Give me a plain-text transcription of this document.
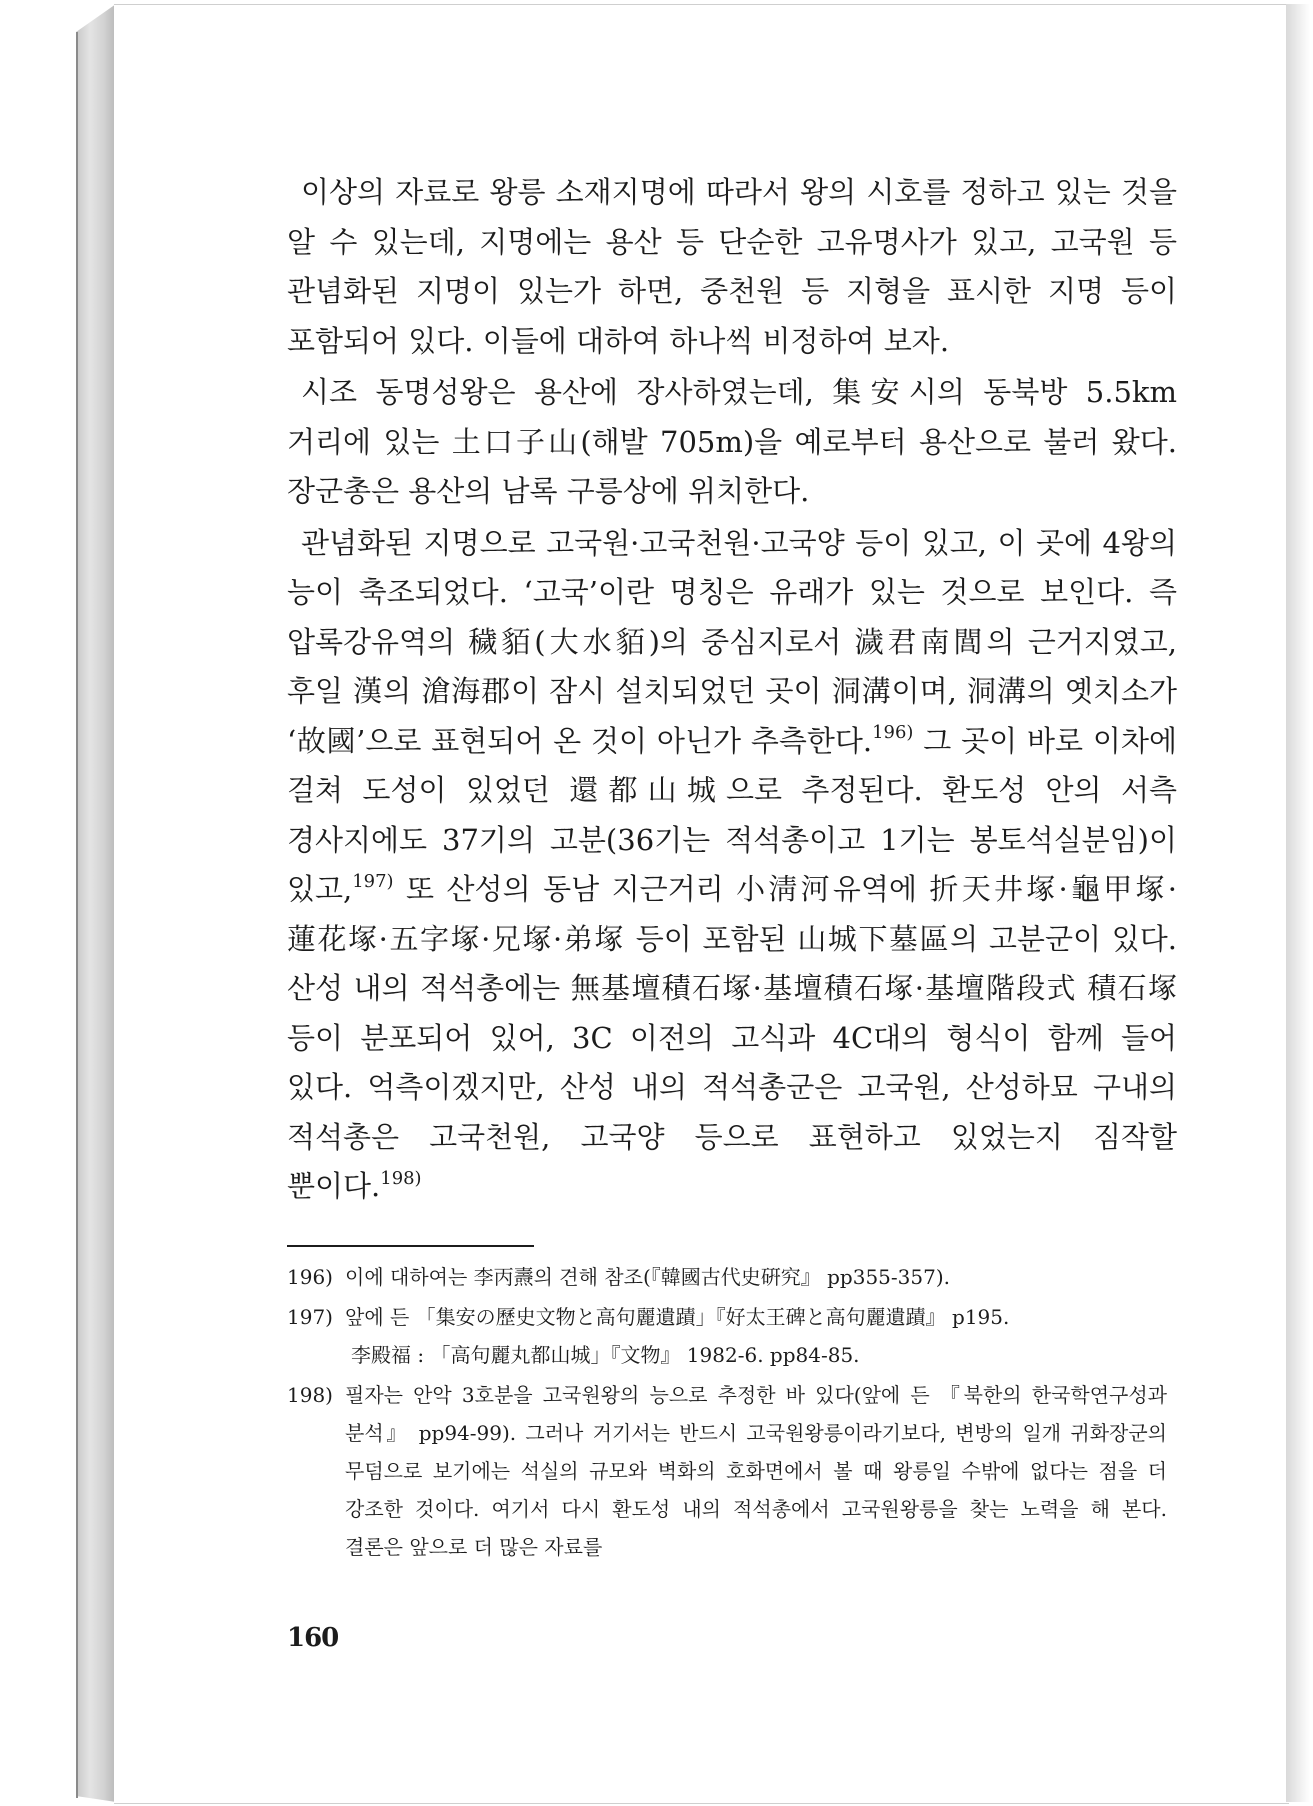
이상의 자료로 왕릉 소재지명에 따라서 왕의 시호를 정하고 있는 것을 알 수 있는데, 지명에는 용산 등 단순한 고유명사가 있고, 고국원 등 관념화된 지명이 있는가 하면, 중천원 등 지형을 표시한 지명 등이 포함되어 있다. 이들에 대하여 하나씩 비정하여 보자.

시조 동명성왕은 용산에 장사하였는데, 集安시의 동북방 5.5km 거리에 있는 土口子山(해발 705m)을 예로부터 용산으로 불러 왔다. 장군총은 용산의 남록 구릉상에 위치한다.

관념화된 지명으로 고국원·고국천원·고국양 등이 있고, 이 곳에 4왕의 능이 축조되었다. ‘고국’이란 명칭은 유래가 있는 것으로 보인다. 즉 압록강유역의 穢貊(大水貊)의 중심지로서 濊君南閭의 근거지였고, 후일 漢의 滄海郡이 잠시 설치되었던 곳이 洞溝이며, 洞溝의 옛치소가 ‘故國’으로 표현되어 온 것이 아닌가 추측한다.$^{196)}$ 그 곳이 바로 이차에 걸쳐 도성이 있었던 還都山城으로 추정된다. 환도성 안의 서측 경사지에도 37기의 고분(36기는 적석총이고 1기는 봉토석실분임)이 있고,$^{197)}$ 또 산성의 동남 지근거리 小淸河유역에 折天井塚·龜甲塚·蓮花塚·五字塚·兄塚·弟塚 등이 포함된 山城下墓區의 고분군이 있다. 산성 내의 적석총에는 無基壇積石塚·基壇積石塚·基壇階段式 積石塚 등이 분포되어 있어, 3C 이전의 고식과 4C대의 형식이 함께 들어 있다. 억측이겠지만, 산성 내의 적석총군은 고국원, 산성하묘 구내의 적석총은 고국천원, 고국양 등으로 표현하고 있었는지 짐작할 뿐이다.$^{198)}$

196) 이에 대하여는 李丙燾의 견해 참조(『韓國古代史硏究』 pp355-357).
197) 앞에 든 「集安の歷史文物と高句麗遺蹟」『好太王碑と高句麗遺蹟』 p195.
李殿福 : 「高句麗丸都山城」『文物』 1982-6. pp84-85.
198) 필자는 안악 3호분을 고국원왕의 능으로 추정한 바 있다(앞에 든 『북한의 한국학연구성과 분석』 pp94-99). 그러나 거기서는 반드시 고국원왕릉이라기보다, 변방의 일개 귀화장군의 무덤으로 보기에는 석실의 규모와 벽화의 호화면에서 볼 때 왕릉일 수밖에 없다는 점을 더 강조한 것이다. 여기서 다시 환도성 내의 적석총에서 고국원왕릉을 찾는 노력을 해 본다. 결론은 앞으로 더 많은 자료를
160
